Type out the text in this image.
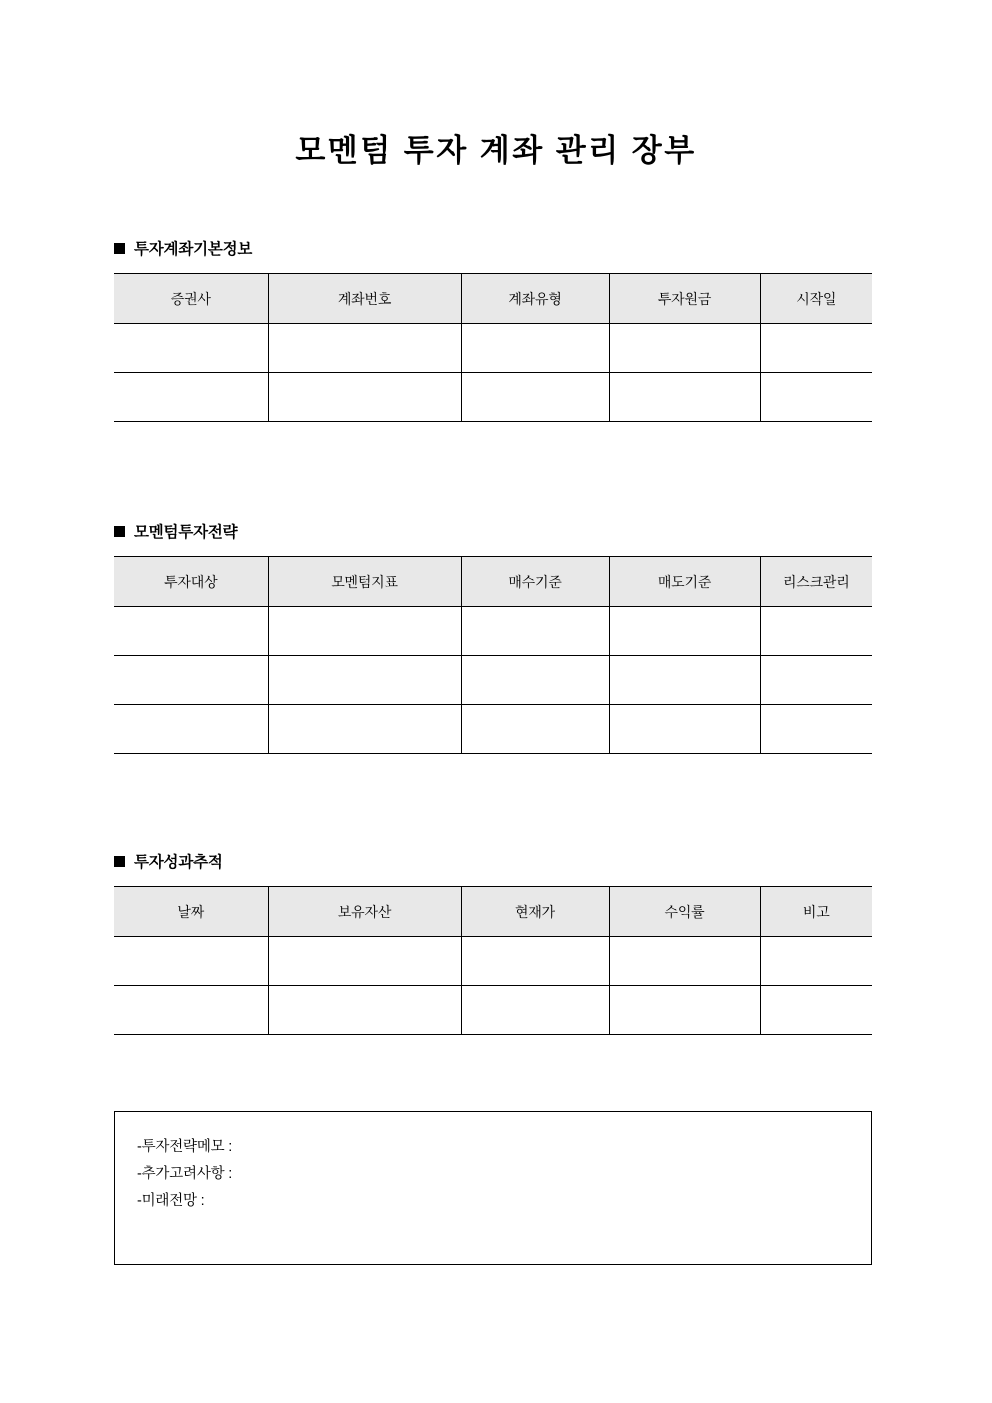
모멘텀 투자 계좌 관리 장부
투자계좌기본정보
증권사	계좌번호	계좌유형	투자원금	시작일

모멘텀투자전략
투자대상	모멘텀지표	매수기준	매도기준	리스크관리

투자성과추적
날짜	보유자산	현재가	수익률	비고

-투자전략메모 :
-추가고려사항 :
-미래전망 :
